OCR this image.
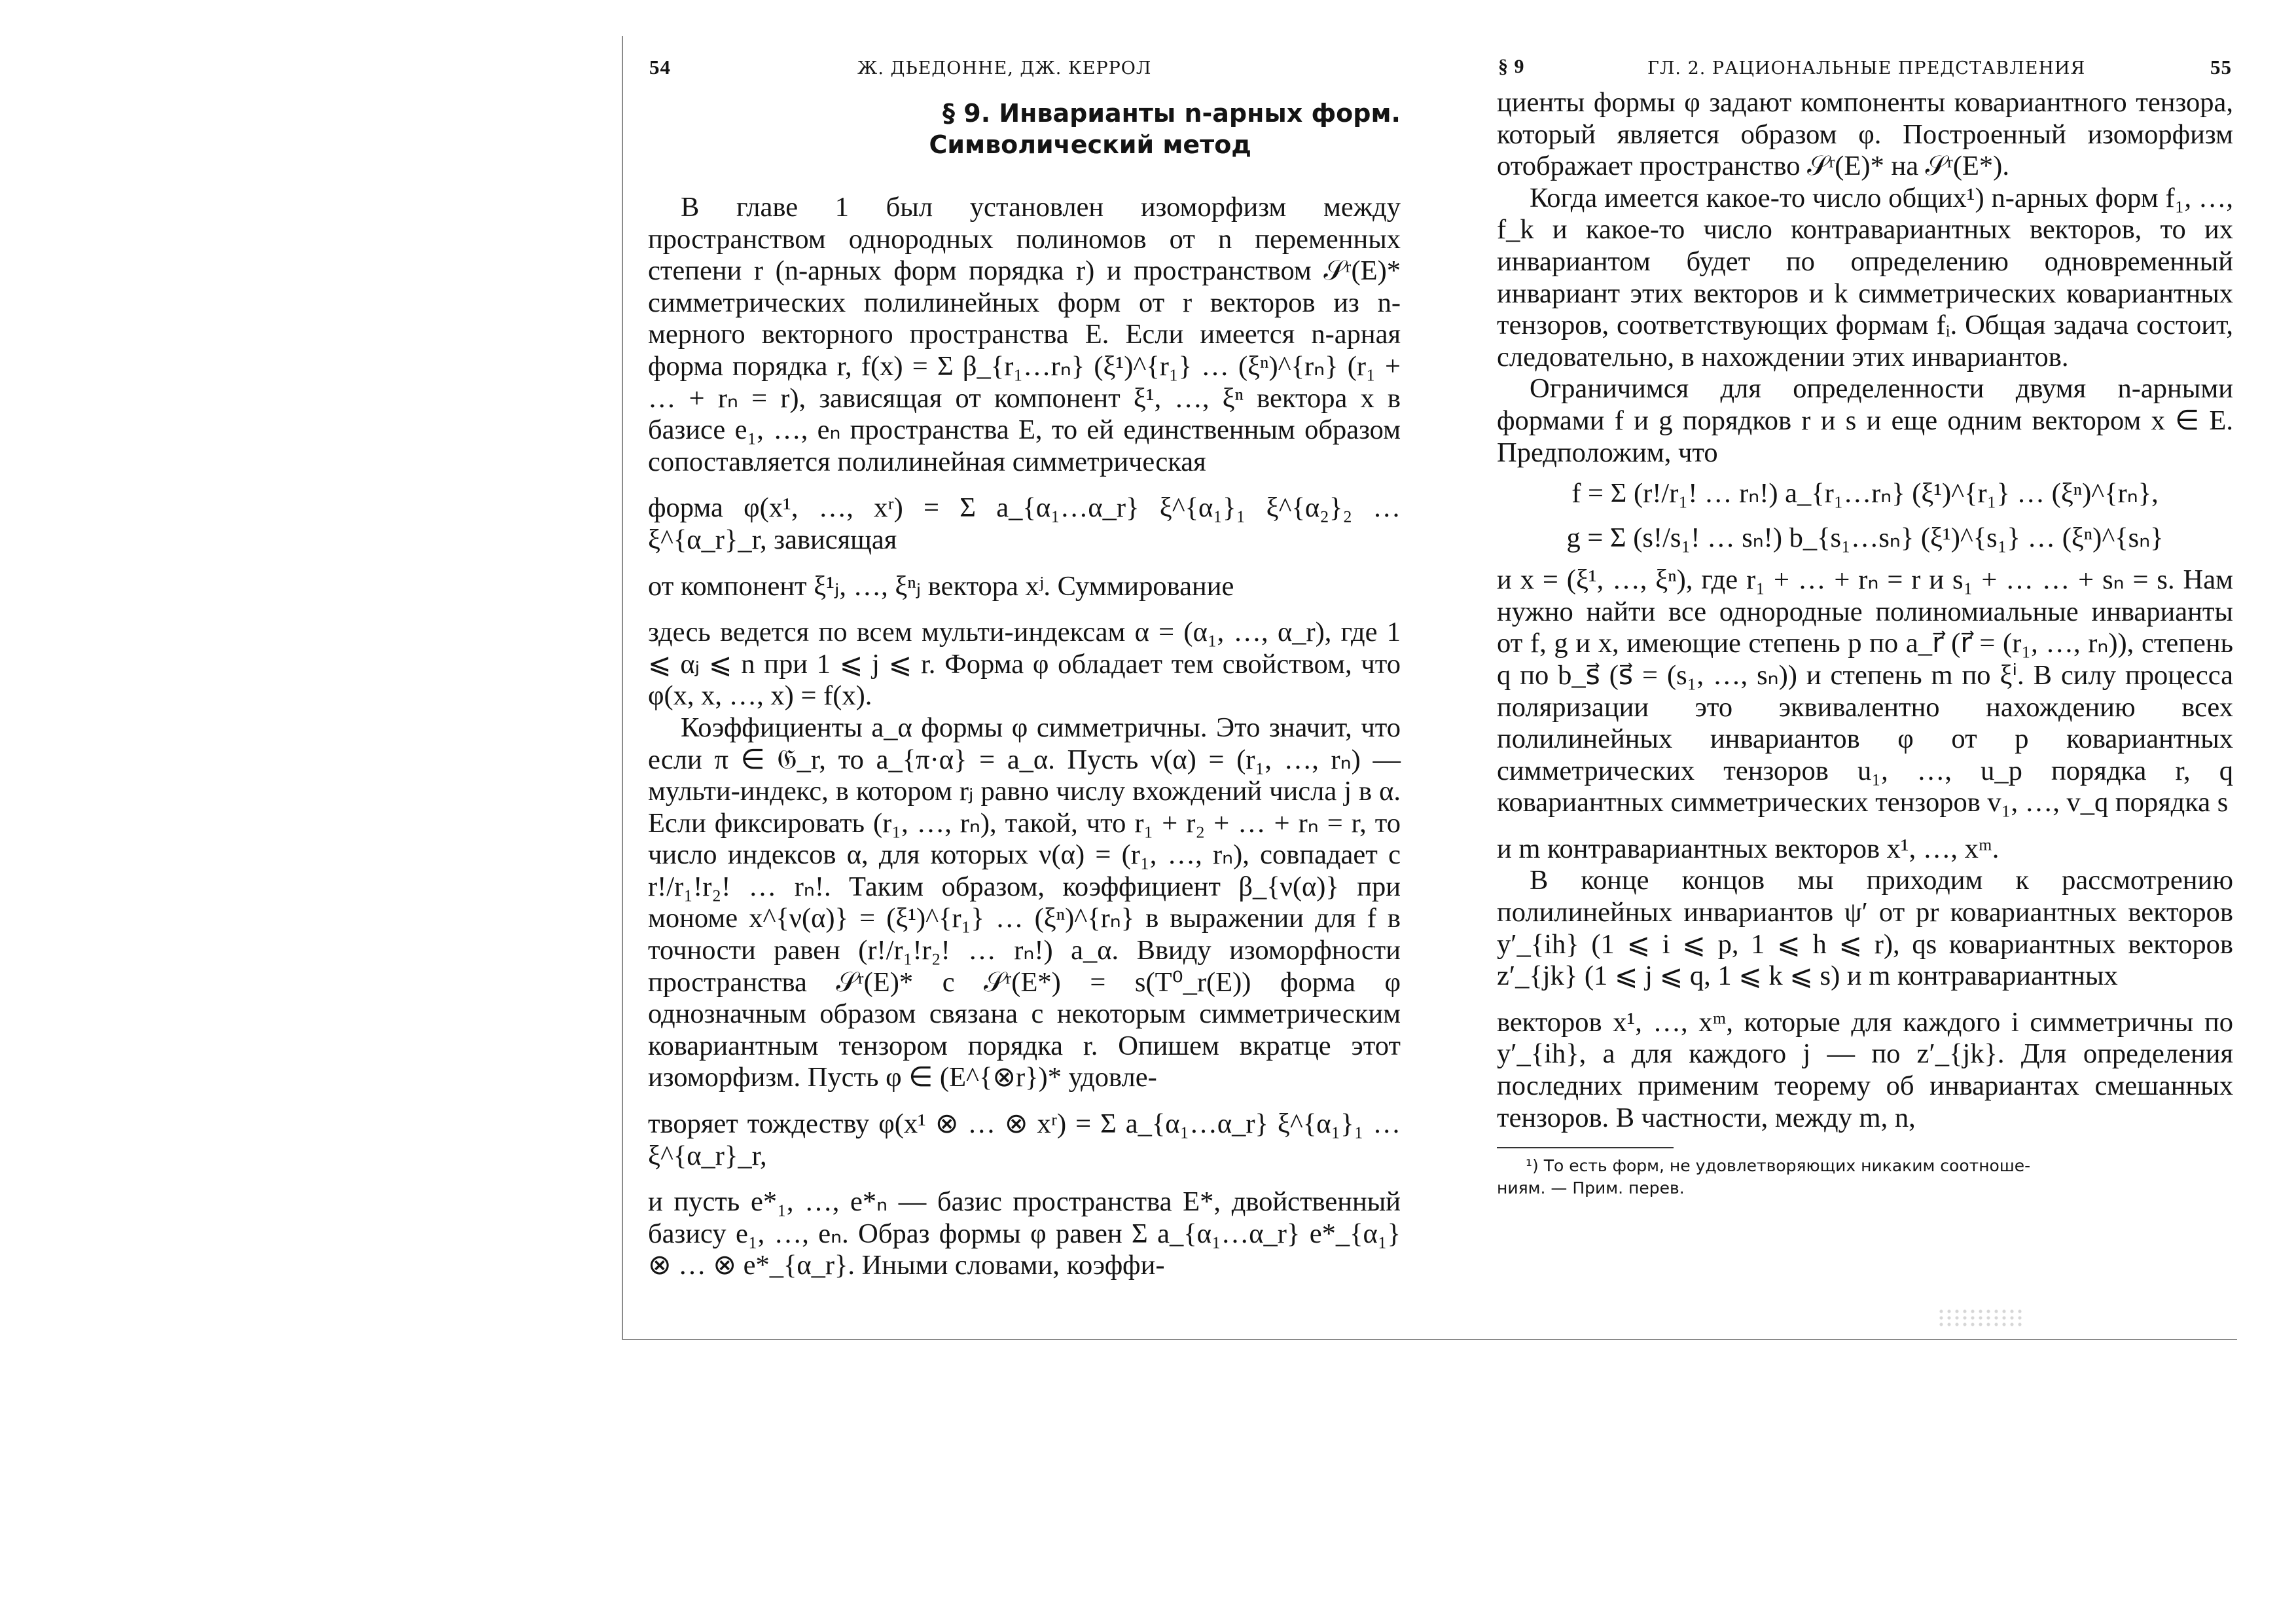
54	Ж. ДЬЕДОННЕ, ДЖ. КЕРРОЛ
§ 9. Инварианты n-арных форм.
Символический метод

В главе 1 был установлен изоморфизм между пространством однородных полиномов от n переменных степени r (n-арных форм порядка r) и пространством 𝒮ʳ(E)* симметрических полилинейных форм от r векторов из n-мерного векторного пространства E. Если имеется n-арная форма порядка r, f(x) = Σ β_{r₁…rₙ} (ξ¹)^{r₁} … (ξⁿ)^{rₙ} (r₁ + … + rₙ = r), зависящая от компонент ξ¹, …, ξⁿ вектора x в базисе e₁, …, eₙ пространства E, то ей единственным образом сопоставляется полилинейная симметрическая

форма φ(x¹, …, xʳ) = Σ a_{α₁…α_r} ξ^{α₁}₁ ξ^{α₂}₂ … ξ^{α_r}_r, зависящая

от компонент ξ¹ⱼ, …, ξⁿⱼ вектора xʲ. Суммирование

здесь ведется по всем мульти-индексам α = (α₁, …, α_r), где 1 ⩽ αⱼ ⩽ n при 1 ⩽ j ⩽ r. Форма φ обладает тем свойством, что φ(x, x, …, x) = f(x).

Коэффициенты a_α формы φ симметричны. Это значит, что если π ∈ 𝔊_r, то a_{π·α} = a_α. Пусть ν(α) = (r₁, …, rₙ) — мульти-индекс, в котором rⱼ равно числу вхождений числа j в α. Если фиксировать (r₁, …, rₙ), такой, что r₁ + r₂ + … + rₙ = r, то число индексов α, для которых ν(α) = (r₁, …, rₙ), совпадает с r!/r₁!r₂! … rₙ!. Таким образом, коэффициент β_{ν(α)} при мономе x^{ν(α)} = (ξ¹)^{r₁} … (ξⁿ)^{rₙ} в выражении для f в точности равен (r!/r₁!r₂! … rₙ!) a_α. Ввиду изоморфности пространства 𝒮ʳ(E)* с 𝒮ʳ(E*) = s(T⁰_r(E)) форма φ однозначным образом связана с некоторым симметрическим ковариантным тензором порядка r. Опишем вкратце этот изоморфизм. Пусть φ ∈ (E^{⊗r})* удовле-

творяет тождеству φ(x¹ ⊗ … ⊗ xʳ) = Σ a_{α₁…α_r} ξ^{α₁}₁ … ξ^{α_r}_r,

и пусть e*₁, …, e*ₙ — базис пространства E*, двойственный базису e₁, …, eₙ. Образ формы φ равен Σ a_{α₁…α_r} e*_{α₁} ⊗ … ⊗ e*_{α_r}. Иными словами, коэффи-

§ 9	ГЛ. 2. РАЦИОНАЛЬНЫЕ ПРЕДСТАВЛЕНИЯ	55

циенты формы φ задают компоненты ковариантного тензора, который является образом φ. Построенный изоморфизм отображает пространство 𝒮ʳ(E)* на 𝒮ʳ(E*).

Когда имеется какое-то число общих¹) n-арных форм f₁, …, f_k и какое-то число контравариантных векторов, то их инвариантом будет по определению одновременный инвариант этих векторов и k симметрических ковариантных тензоров, соответствующих формам fᵢ. Общая задача состоит, следовательно, в нахождении этих инвариантов.

Ограничимся для определенности двумя n-арными формами f и g порядков r и s и еще одним вектором x ∈ E. Предположим, что

f = Σ (r!/r₁! … rₙ!) a_{r₁…rₙ} (ξ¹)^{r₁} … (ξⁿ)^{rₙ},

g = Σ (s!/s₁! … sₙ!) b_{s₁…sₙ} (ξ¹)^{s₁} … (ξⁿ)^{sₙ}

и x = (ξ¹, …, ξⁿ), где r₁ + … + rₙ = r и s₁ + … … + sₙ = s. Нам нужно найти все однородные полиномиальные инварианты от f, g и x, имеющие степень p по a_r⃗ (r⃗ = (r₁, …, rₙ)), степень q по b_s⃗ (s⃗ = (s₁, …, sₙ)) и степень m по ξⁱ. В силу процесса поляризации это эквивалентно нахождению всех полилинейных инвариантов φ от p ковариантных симметрических тензоров u₁, …, u_p порядка r, q ковариантных симметрических тензоров v₁, …, v_q порядка s

и m контравариантных векторов x¹, …, xᵐ.

В конце концов мы приходим к рассмотрению полилинейных инвариантов ψ′ от pr ковариантных векторов y′_{ih} (1 ⩽ i ⩽ p, 1 ⩽ h ⩽ r), qs ковариантных векторов z′_{jk} (1 ⩽ j ⩽ q, 1 ⩽ k ⩽ s) и m контравариантных

векторов x¹, …, xᵐ, которые для каждого i симметричны по y′_{ih}, а для каждого j — по z′_{jk}. Для определения последних применим теорему об инвариантах смешанных тензоров. В частности, между m, n,

¹) То есть форм, не удовлетворяющих никаким соотноше-
ниям. — Прим. перев.
